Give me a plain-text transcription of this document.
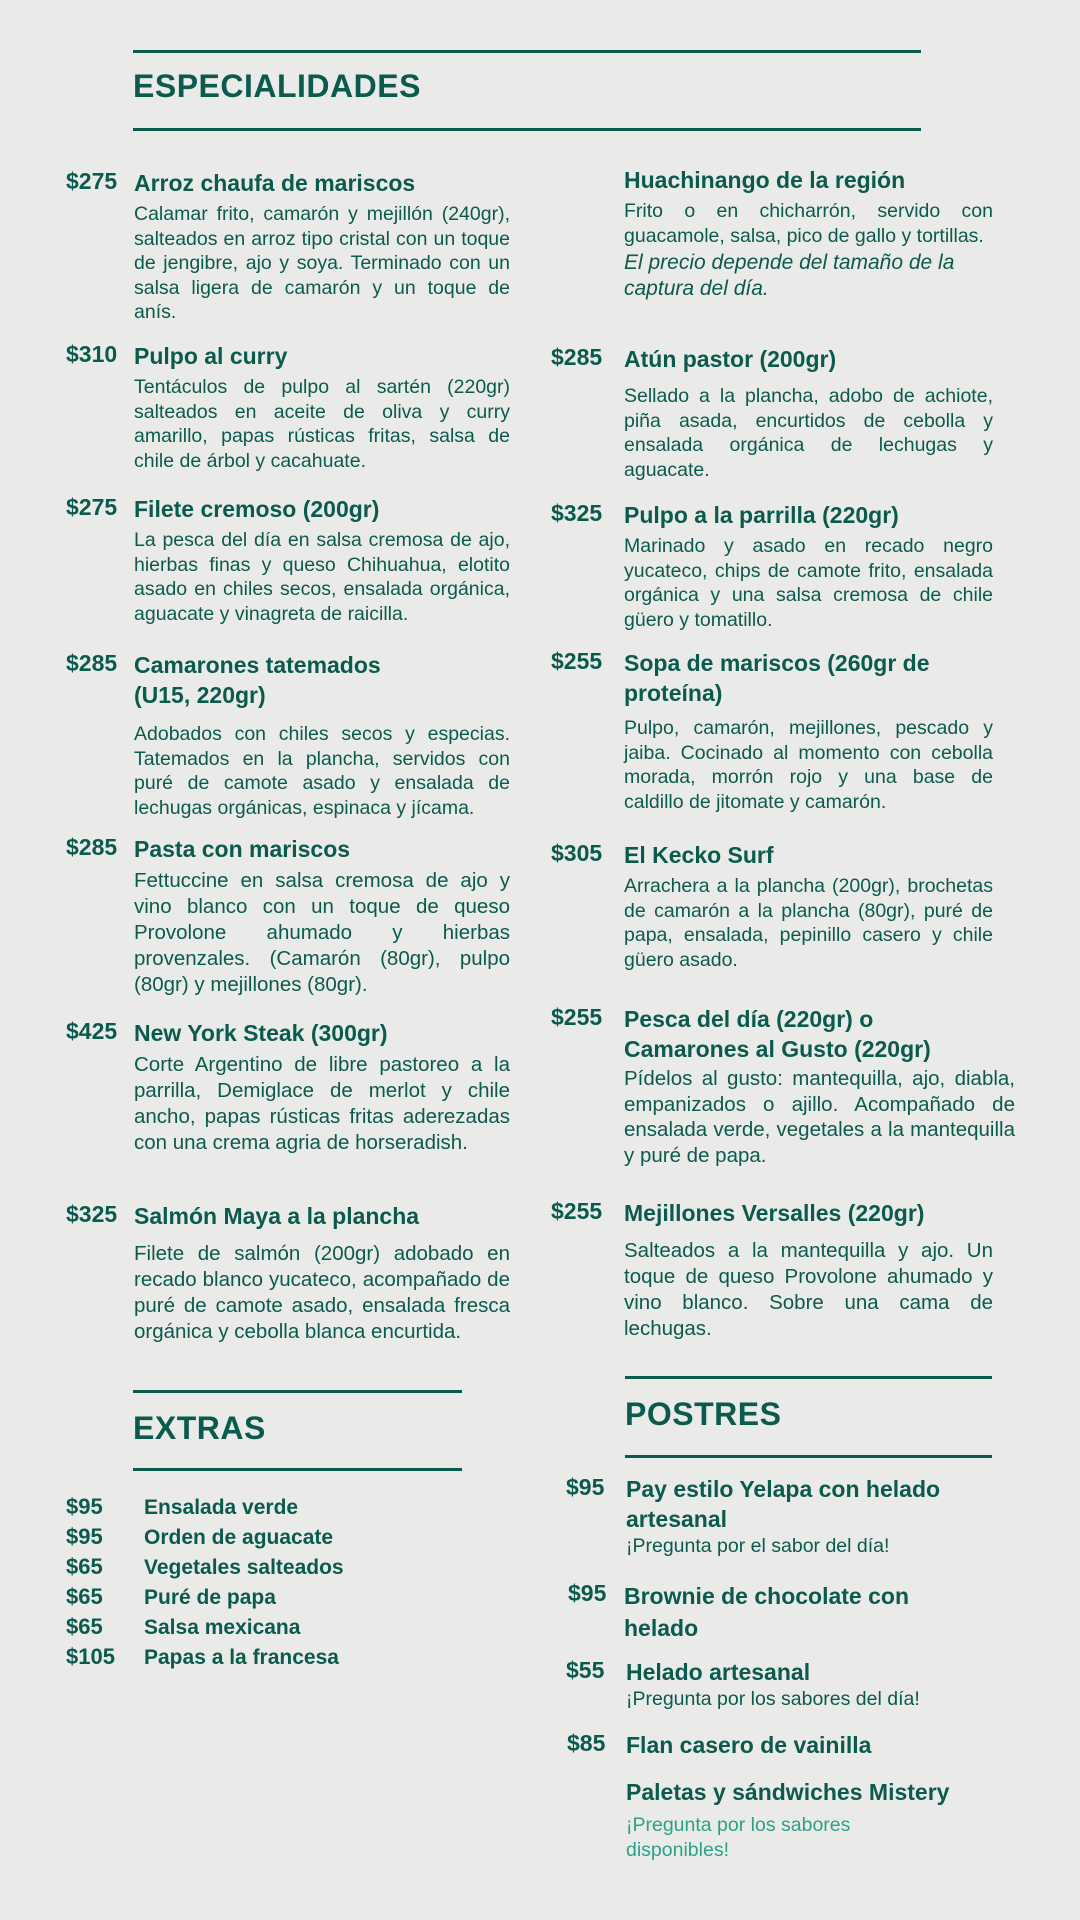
ESPECIALIDADES
$275 Arroz chaufa de mariscos

Calamar frito, camarón y mejillón (240gr), salteados en arroz tipo cristal con un toque de jengibre, ajo y soya. Terminado con un salsa ligera de camarón y un toque de anís.

$310 Pulpo al curry

Tentáculos de pulpo al sartén (220gr) salteados en aceite de oliva y curry amarillo, papas rústicas fritas, salsa de chile de árbol y cacahuate.

$275 Filete cremoso (200gr)

La pesca del día en salsa cremosa de ajo, hierbas finas y queso Chihuahua, elotito asado en chiles secos, ensalada orgánica, aguacate y vinagreta de raicilla.

$285 Camarones tatemados (U15, 220gr)

Adobados con chiles secos y especias. Tatemados en la plancha, servidos con puré de camote asado y ensalada de lechugas orgánicas, espinaca y jícama.

$285 Pasta con mariscos

Fettuccine en salsa cremosa de ajo y vino blanco con un toque de queso Provolone ahumado y hierbas provenzales. (Camarón (80gr), pulpo (80gr) y mejillones (80gr).

$425 New York Steak (300gr)

Corte Argentino de libre pastoreo a la parrilla, Demiglace de merlot y chile ancho, papas rústicas fritas aderezadas con una crema agria de horseradish.

$325 Salmón Maya a la plancha

Filete de salmón (200gr) adobado en recado blanco yucateco, acompañado de puré de camote asado, ensalada fresca orgánica y cebolla blanca encurtida.

Huachinango de la región

Frito o en chicharrón, servido con guacamole, salsa, pico de gallo y tortillas.

El precio depende del tamaño de la captura del día.

$285 Atún pastor (200gr)

Sellado a la plancha, adobo de achiote, piña asada, encurtidos de cebolla y ensalada orgánica de lechugas y aguacate.

$325 Pulpo a la parrilla (220gr)

Marinado y asado en recado negro yucateco, chips de camote frito, ensalada orgánica y una salsa cremosa de chile güero y tomatillo.

$255 Sopa de mariscos (260gr de proteína)

Pulpo, camarón, mejillones, pescado y jaiba. Cocinado al momento con cebolla morada, morrón rojo y una base de caldillo de jitomate y camarón.

$305 El Kecko Surf

Arrachera a la plancha (200gr), brochetas de camarón a la plancha (80gr), puré de papa, ensalada, pepinillo casero y chile güero asado.

$255 Pesca del día (220gr) o Camarones al Gusto (220gr)

Pídelos al gusto: mantequilla, ajo, diabla, empanizados o ajillo. Acompañado de ensalada verde, vegetales a la mantequilla y puré de papa.

$255 Mejillones Versalles (220gr)

Salteados a la mantequilla y ajo. Un toque de queso Provolone ahumado y vino blanco. Sobre una cama de lechugas.

EXTRAS
$95 Ensalada verde
$95 Orden de aguacate
$65 Vegetales salteados
$65 Puré de papa
$65 Salsa mexicana
$105 Papas a la francesa
POSTRES
$95 Pay estilo Yelapa con helado artesanal

¡Pregunta por el sabor del día!

$95 Brownie de chocolate con helado
$55 Helado artesanal

¡Pregunta por los sabores del día!

$85 Flan casero de vainilla
Paletas y sándwiches Mistery

¡Pregunta por los sabores disponibles!
